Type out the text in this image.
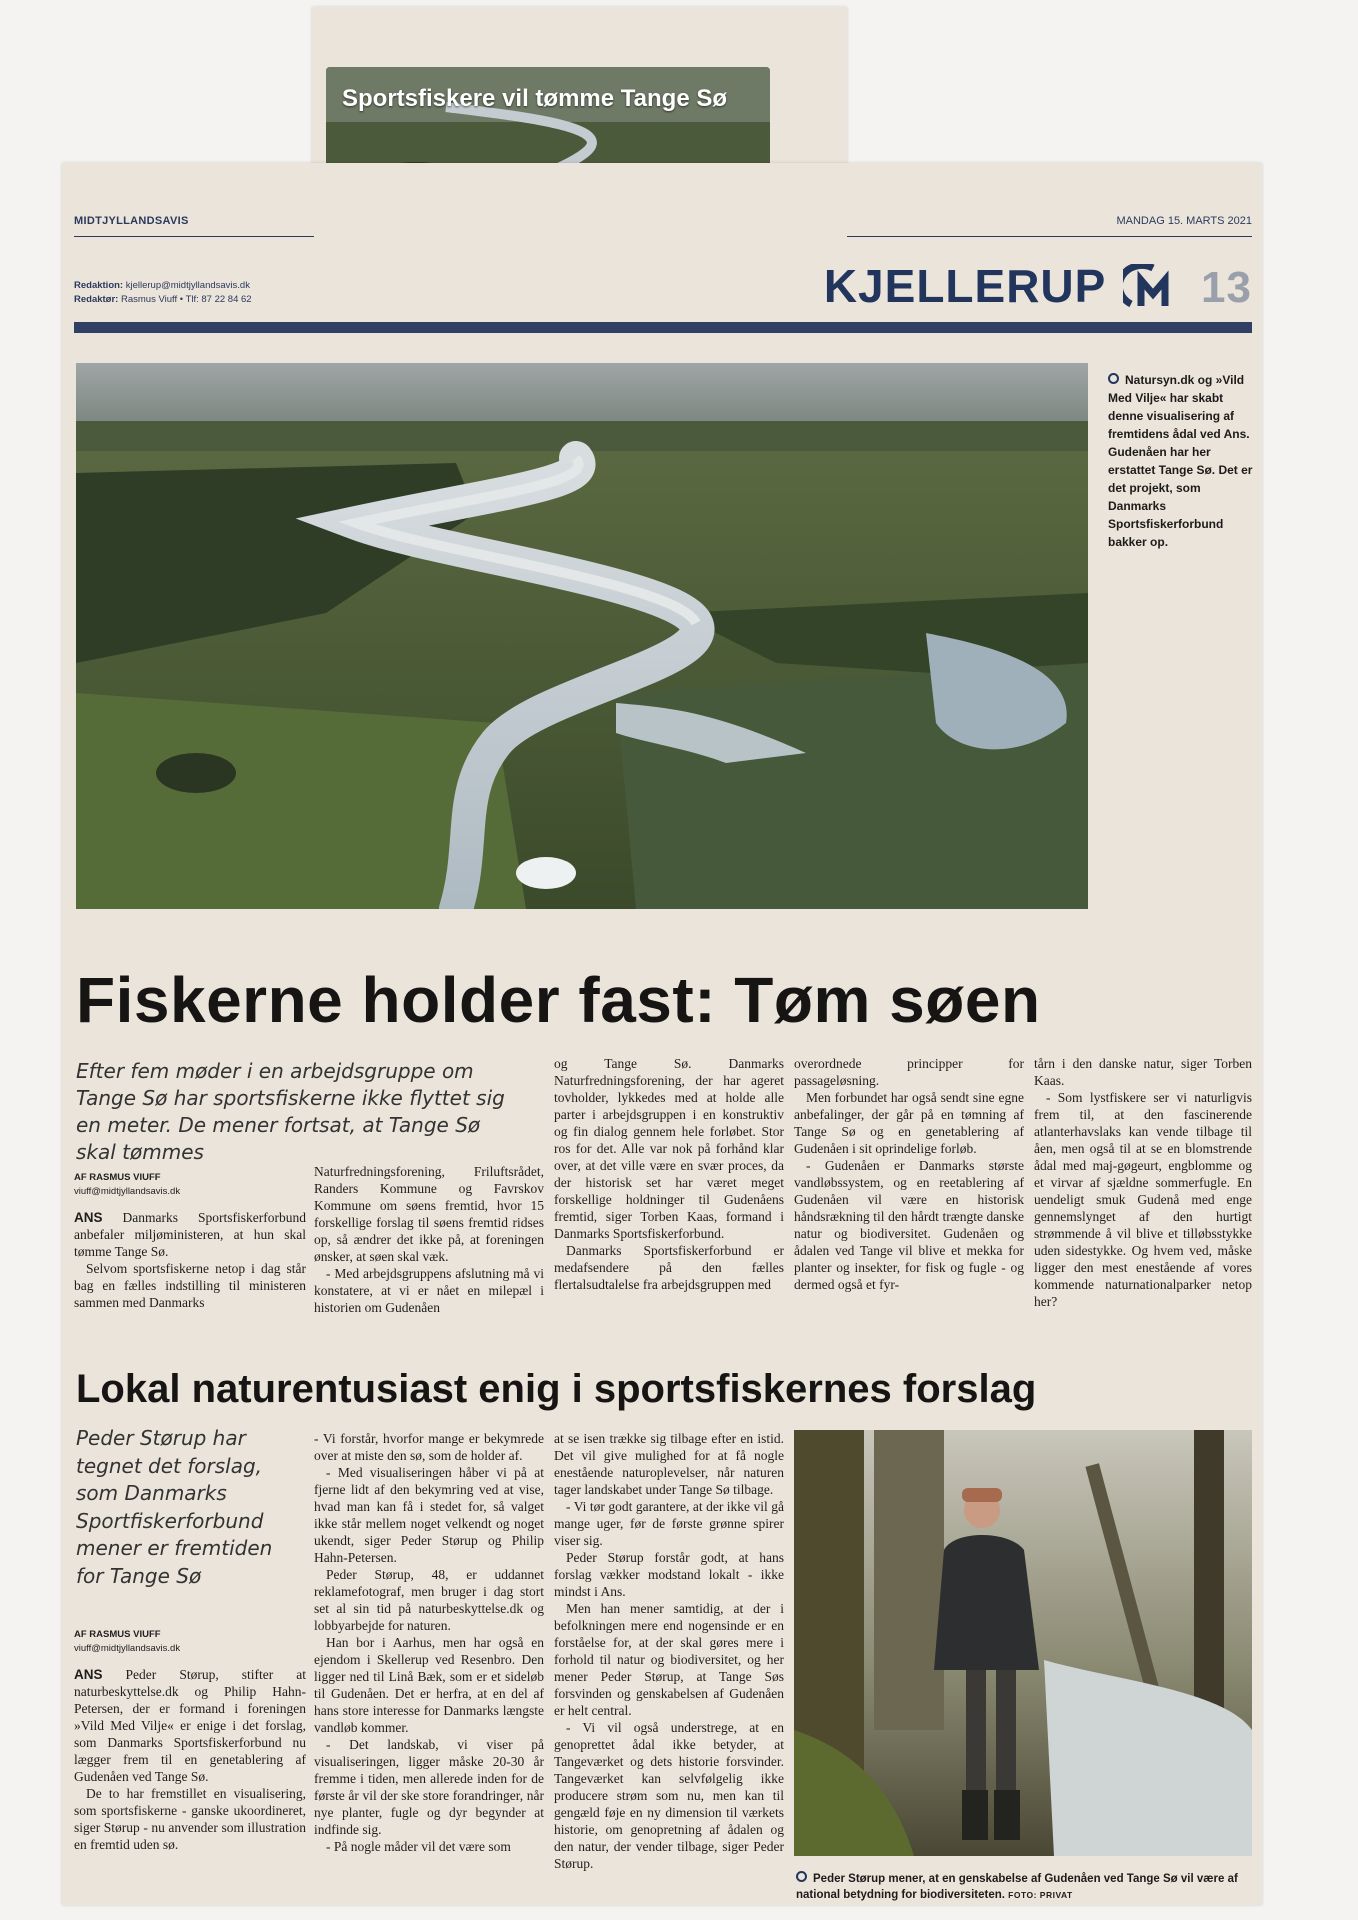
Sportsfiskere vil tømme Tange Sø
MIDTJYLLANDSAVIS	MANDAG 15. MARTS 2021
Redaktion: kjellerup@midtjyllandsavis.dk
Redaktør: Rasmus Viuff • Tlf: 87 22 84 62	KJELLERUP 13
Natursyn.dk og »Vild Med Vilje« har skabt denne visualisering af fremtidens ådal ved Ans. Gudenåen har her erstattet Tange Sø. Det er det projekt, som Danmarks Sportsfiskerforbund bakker op.
Fiskerne holder fast: Tøm søen
Efter fem møder i en arbejdsgruppe om Tange Sø har sportsfiskerne ikke flyttet sig en meter. De mener fortsat, at Tange Sø skal tømmes
AF RASMUS VIUFF
viuff@midtjyllandsavis.dk

ANS Danmarks Sportsfiskerforbund anbefaler miljøministeren, at hun skal tømme Tange Sø.

Selvom sportsfiskerne netop i dag står bag en fælles indstilling til ministeren sammen med Danmarks

Naturfredningsforening, Friluftsrådet, Randers Kommune og Favrskov Kommune om søens fremtid, hvor 15 forskellige forslag til søens fremtid ridses op, så ændrer det ikke på, at foreningen ønsker, at søen skal væk.

- Med arbejdsgruppens afslutning må vi konstatere, at vi er nået en milepæl i historien om Gudenåen

og Tange Sø. Danmarks Naturfredningsforening, der har ageret tovholder, lykkedes med at holde alle parter i arbejdsgruppen i en konstruktiv og fin dialog gennem hele forløbet. Stor ros for det. Alle var nok på forhånd klar over, at det ville være en svær proces, da der historisk set har været meget forskellige holdninger til Gudenåens fremtid, siger Torben Kaas, formand i Danmarks Sportsfiskerforbund.

Danmarks Sportsfiskerforbund er medafsendere på den fælles flertalsudtalelse fra arbejdsgruppen med

overordnede principper for passageløsning.

Men forbundet har også sendt sine egne anbefalinger, der går på en tømning af Tange Sø og en genetablering af Gudenåen i sit oprindelige forløb.

- Gudenåen er Danmarks største vandløbssystem, og en reetablering af Gudenåen vil være en historisk håndsrækning til den hårdt trængte danske natur og biodiversitet. Gudenåen og ådalen ved Tange vil blive et mekka for planter og insekter, for fisk og fugle - og dermed også et fyr-

tårn i den danske natur, siger Torben Kaas.

- Som lystfiskere ser vi naturligvis frem til, at den fascinerende atlanterhavslaks kan vende tilbage til åen, men også til at se en blomstrende ådal med maj-gøgeurt, engblomme og et virvar af sjældne sommerfugle. En uendeligt smuk Gudenå med enge gennemslynget af den hurtigt strømmende å vil blive et tilløbsstykke uden sidestykke. Og hvem ved, måske ligger den mest enestående af vores kommende naturnationalparker netop her?

Lokal naturentusiast enig i sportsfiskernes forslag
Peder Størup har tegnet det forslag, som Danmarks Sportfiskerforbund mener er fremtiden for Tange Sø
AF RASMUS VIUFF
viuff@midtjyllandsavis.dk

ANS Peder Størup, stifter at naturbeskyttelse.dk og Philip Hahn-Petersen, der er formand i foreningen »Vild Med Vilje« er enige i det forslag, som Danmarks Sportsfiskerforbund nu lægger frem til en genetablering af Gudenåen ved Tange Sø.

De to har fremstillet en visualisering, som sportsfiskerne - ganske ukoordineret, siger Størup - nu anvender som illustration en fremtid uden sø.

- Vi forstår, hvorfor mange er bekymrede over at miste den sø, som de holder af.

- Med visualiseringen håber vi på at fjerne lidt af den bekymring ved at vise, hvad man kan få i stedet for, så valget ikke står mellem noget velkendt og noget ukendt, siger Peder Størup og Philip Hahn-Petersen.

Peder Størup, 48, er uddannet reklamefotograf, men bruger i dag stort set al sin tid på naturbeskyttelse.dk og lobbyarbejde for naturen.

Han bor i Aarhus, men har også en ejendom i Skellerup ved Resenbro. Den ligger ned til Linå Bæk, som er et sideløb til Gudenåen. Det er herfra, at en del af hans store interesse for Danmarks længste vandløb kommer.

- Det landskab, vi viser på visualiseringen, ligger måske 20-30 år fremme i tiden, men allerede inden for de første år vil der ske store forandringer, når nye planter, fugle og dyr begynder at indfinde sig.

- På nogle måder vil det være som

at se isen trække sig tilbage efter en istid. Det vil give mulighed for at få nogle enestående naturoplevelser, når naturen tager landskabet under Tange Sø tilbage.

- Vi tør godt garantere, at der ikke vil gå mange uger, før de første grønne spirer viser sig.

Peder Størup forstår godt, at hans forslag vækker modstand lokalt - ikke mindst i Ans.

Men han mener samtidig, at der i befolkningen mere end nogensinde er en forståelse for, at der skal gøres mere i forhold til natur og biodiversitet, og her mener Peder Størup, at Tange Søs forsvinden og genskabelsen af Gudenåen er helt central.

- Vi vil også understrege, at en genoprettet ådal ikke betyder, at Tangeværket og dets historie forsvinder. Tangeværket kan selvfølgelig ikke producere strøm som nu, men kan til gengæld føje en ny dimension til værkets historie, om genopretning af ådalen og den natur, der vender tilbage, siger Peder Størup.

Peder Størup mener, at en genskabelse af Gudenåen ved Tange Sø vil være af national betydning for biodiversiteten. FOTO: PRIVAT
